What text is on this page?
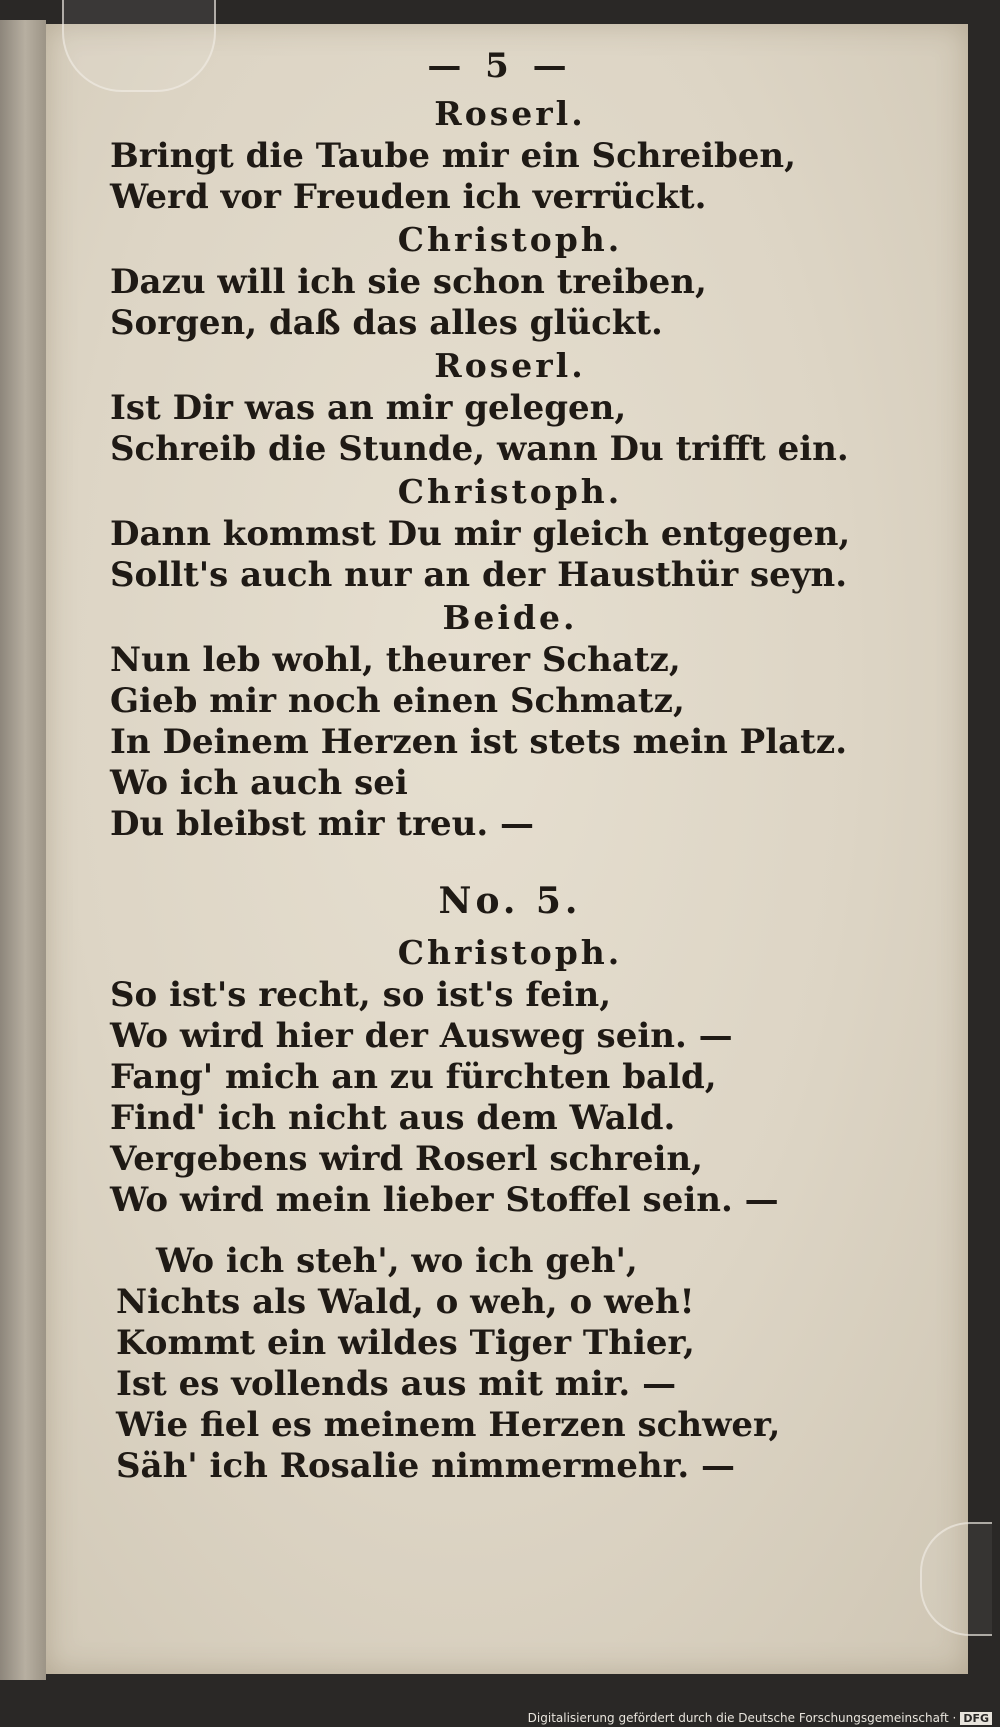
— 5 —
Roserl.
Bringt die Taube mir ein Schreiben,
Werd vor Freuden ich verrückt.
Christoph.
Dazu will ich sie schon treiben,
Sorgen, daß das alles glückt.
Roserl.
Ist Dir was an mir gelegen,
Schreib die Stunde, wann Du trifft ein.
Christoph.
Dann kommst Du mir gleich entgegen,
Sollt's auch nur an der Hausthür seyn.
Beide.
Nun leb wohl, theurer Schatz,
Gieb mir noch einen Schmatz,
In Deinem Herzen ist stets mein Platz.
Wo ich auch sei
Du bleibst mir treu. —
No. 5.
Christoph.
So ist's recht, so ist's fein,
Wo wird hier der Ausweg sein. —
Fang' mich an zu fürchten bald,
Find' ich nicht aus dem Wald.
Vergebens wird Roserl schrein,
Wo wird mein lieber Stoffel sein. —
Wo ich steh', wo ich geh',
Nichts als Wald, o weh, o weh!
Kommt ein wildes Tiger Thier,
Ist es vollends aus mit mir. —
Wie fiel es meinem Herzen schwer,
Säh' ich Rosalie nimmermehr. —
Digitalisierung gefördert durch die Deutsche Forschungsgemeinschaft · DFG
